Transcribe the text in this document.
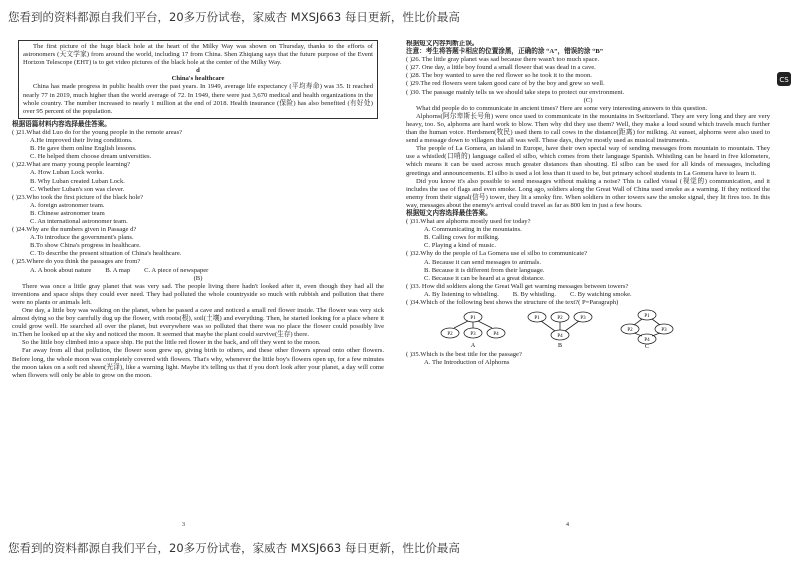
您看到的资料都源自我们平台，20多万份试卷，家威杏 MXSJ663 每日更新，性比价最高
您看到的资料都源自我们平台，20多万份试卷，家威杏 MXSJ663 每日更新，性比价最高
CS

The first picture of the huge black hole at the heart of the Milky Way was shown on Thursday, thanks to the efforts of astronomers (天文学家) from around the world, including 17 from China. Shen Zhiqiang says that the future purpose of the Event Horizon Telescope (EHT) is to get video pictures of the black hole at the center of the Milky Way.

d

China's healthcare

China has made progress in public health over the past years. In 1949, average life expectancy (平均寿命) was 35. It reached nearly 77 in 2019, much higher than the world average of 72. In 1949, there were just 3,670 medical and health organizations in the whole country. The number increased to nearly 1 million at the end of 2018. Health insurance (保险) has also benefited (有好处) over 95 percent of the population.

根据语篇材料内容选择最佳答案。

( )21.What did Luo do for the young people in the remote areas?

A.He improved their living conditions.

B. He gave them online English lessons.

C. He helped them choose dream universities.

( )22.What are many young people learning?

A. How Luban Lock works.

B. Why Luban created Luban Lock.

C. Whether Luban's son was clever.

( )23.Who took the first picture of the black hole?

A. foreign astronomer team.

B. Chinese astronomer team

C. An international astronomer team.

( )24.Why are the numbers given in Passage d?

A.To introduce the government's plans.

B.To show China's progress in healthcare.

C. To describe the present situation of China's healthcare.

( )25.Where do you think the passages are from?

A. A book about nature B. A map C. A piece of newspaper

(B)

There was once a little gray planet that was very sad. The people living there hadn't looked after it, even though they had all the inventions and space ships they could ever need. They had polluted the whole countryside so much with rubbish and pollution that there were no plants or animals left.

One day, a little boy was walking on the planet, when he passed a cave and noticed a small red flower inside. The flower was very sick almost dying so the boy carefully dug up the flower, with roots(根), soil(土壤) and everything. Then, he started looking for a place where it could grow well. He searched all over the planet, but everywhere was so polluted that there was no place the flower could possibly live in.Then he looked up at the sky and noticed the moon. It seemed that maybe the plant could survive(生存) there.

So the little boy climbed into a space ship. He put the little red flower in the back, and off they went to the moon.

Far away from all that pollution, the flower soon grew up, giving birth to others, and these other flowers spread onto other flowers. Before long, the whole moon was completely covered with flowers. That's why, whenever the little boy's flowers open up, for a few minutes the moon takes on a soft red sheen(光泽), like a warning light. Maybe it's telling us that if you don't look after your planet, a day will come when flowers will only be able to grow on the moon.

3

根据短文内容判断正误。

注意：考生将答题卡相应的位置涂黑，正确的涂 “A”，错误的涂 “B”

( )26. The little gray planet was sad because there wasn't too much space.

( )27. One day, a little boy found a small flower that was dead in a cave.

( )28. The boy wanted to save the red flower so he took it to the moon.

( )29.The red flowers were taken good care of by the boy and grew so well.

( )30. The passage mainly tells us we should take steps to protect our environment.

(C)

What did people do to communicate in ancient times? Here are some very interesting answers to this question.

Alphorns(阿尔卑斯长号角) were once used to communicate in the mountains in Switzerland. They are very long and they are very heavy, too. So, alphorns are hard work to blow. Then why did they use them? Well, they make a loud sound which travels much further than the human voice. Herdsmen(牧民) used them to call cows in the distance(距离) for milking. At sunset, alphorns were also used to send a message down to villagers that all was well. These days, they're mostly used as musical instruments.

The people of La Gomera, an island in Europe, have their own special way of sending messages from mountain to mountain. They use a whistled(口哨的) language called el silbo, which comes from their language Spanish. Whistling can be heard in five kilometers, which means it can be used across much greater distances than shouting. El silbo can be used for all kinds of messages, including greetings and announcements. El silbo is used a lot less than it used to be, but primary school students in La Gomera have to learn it.

Did you know it's also possible to send messages without making a noise? This is called visual (视觉的) communication, and it includes the use of flags and even smoke. Long ago, soldiers along the Great Wall of China used smoke as a warning. If they noticed the enemy from their signal(信号) tower, they lit a smoky fire. When soldiers in other towers saw the smoke signal, they lit fires too. In this way, messages about the enemy's arrival could travel as far as 800 km in just a few hours.

根据短文内容选择最佳答案。

( )31.What are alphorns mostly used for today?

A. Communicating in the mountains.

B. Calling cows for milking.

C. Playing a kind of music.

( )32.Why do the people of La Gomera use el silbo to communicate?

A. Because it can send messages to animals.

B. Because it is different from their language.

C. Because it can be heard at a great distance.

( )33. How did soldiers along the Great Wall get warning messages between towers?

A. By listening to whistling. B. By whistling. C. By watching smoke.

( )34.Which of the following best shows the structure of the text?( P=Paragraph)

P1
P2	P3	P4
A
P1	P2	P3
P4
B
P1
P2	P3
P4
C

( )35.Which is the best title for the passage?

A. The Introduction of Alphorns

4
